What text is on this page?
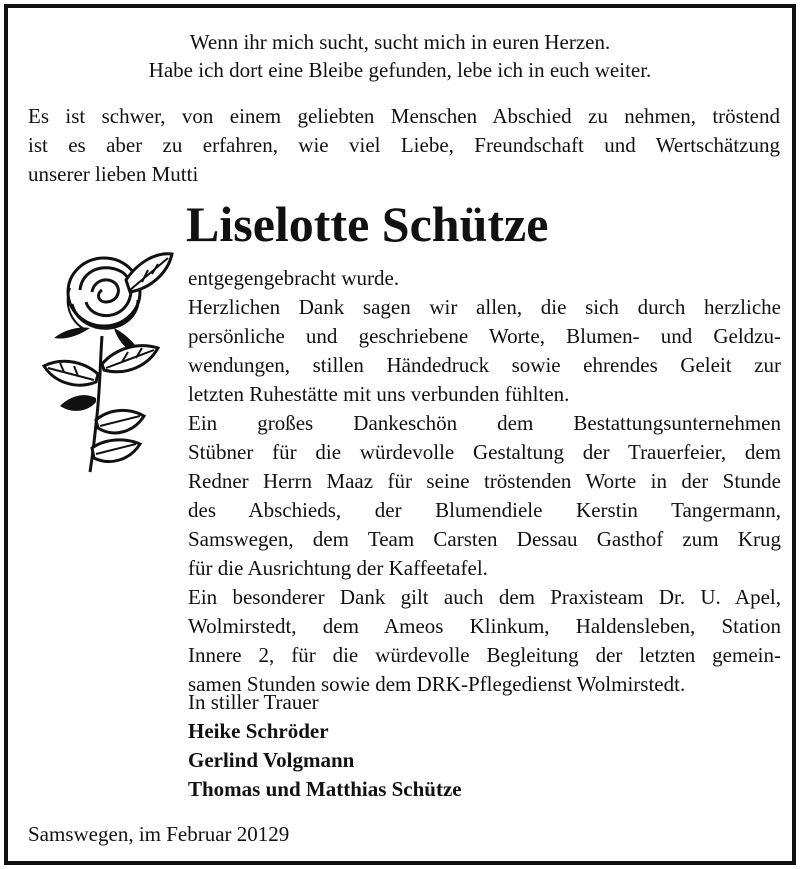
Wenn ihr mich sucht, sucht mich in euren Herzen.
Habe ich dort eine Bleibe gefunden, lebe ich in euch weiter.
Es ist schwer, von einem geliebten Menschen Abschied zu nehmen, tröstend
ist es aber zu erfahren, wie viel Liebe, Freundschaft und Wertschätzung
unserer lieben Mutti
Liselotte Schütze
entgegengebracht wurde.
Herzlichen Dank sagen wir allen, die sich durch herzliche
persönliche und geschriebene Worte, Blumen- und Geldzu-
wendungen, stillen Händedruck sowie ehrendes Geleit zur
letzten Ruhestätte mit uns verbunden fühlten.
Ein großes Dankeschön dem Bestattungsunternehmen
Stübner für die würdevolle Gestaltung der Trauerfeier, dem
Redner Herrn Maaz für seine tröstenden Worte in der Stunde
des Abschieds, der Blumendiele Kerstin Tangermann,
Samswegen, dem Team Carsten Dessau Gasthof zum Krug
für die Ausrichtung der Kaffeetafel.
Ein besonderer Dank gilt auch dem Praxisteam Dr. U. Apel,
Wolmirstedt, dem Ameos Klinkum, Haldensleben, Station
Innere 2, für die würdevolle Begleitung der letzten gemein-
samen Stunden sowie dem DRK-Pflegedienst Wolmirstedt.
In stiller Trauer
Heike Schröder
Gerlind Volgmann
Thomas und Matthias Schütze
Samswegen, im Februar 20129
